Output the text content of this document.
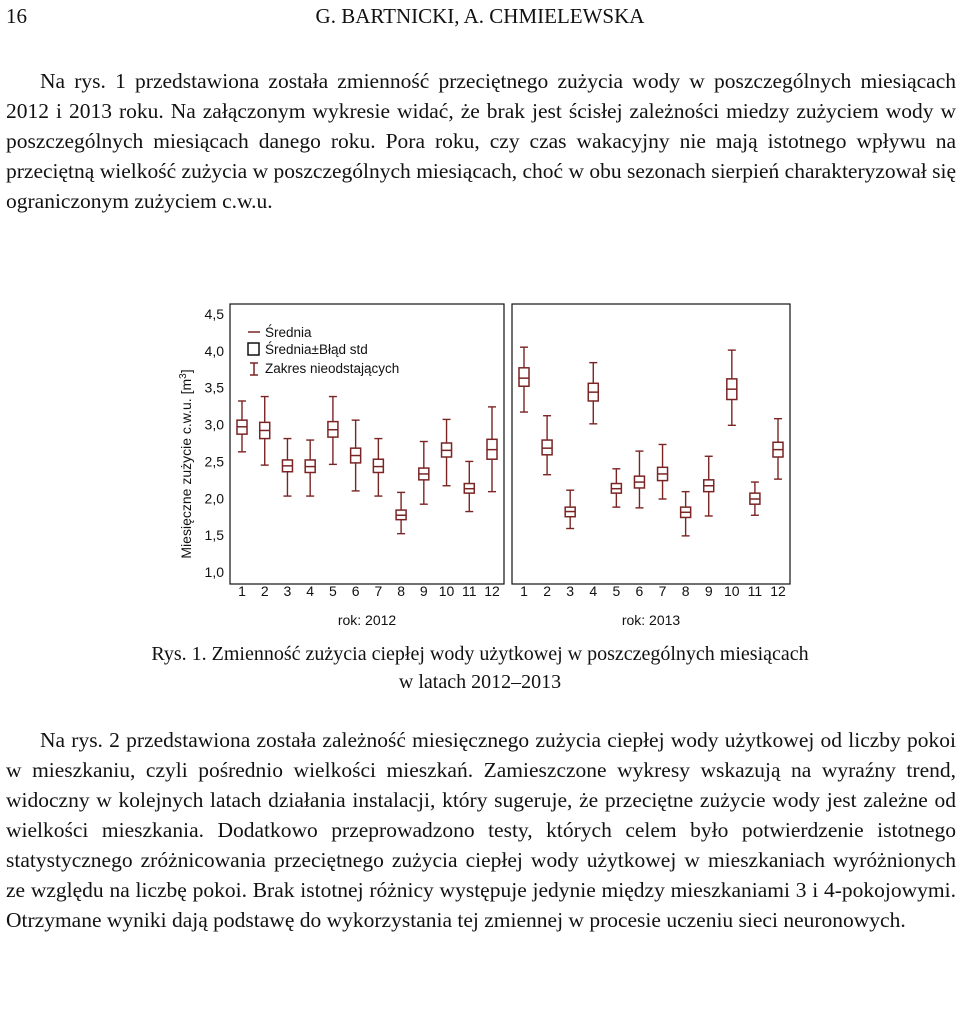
16	G. BARTNICKI, A. CHMIELEWSKA

Na rys. 1 przedstawiona została zmienność przeciętnego zużycia wody w poszczególnych miesiącach 2012 i 2013 roku. Na załączonym wykresie widać, że brak jest ścisłej zależności miedzy zużyciem wody w poszczególnych miesiącach danego roku. Pora roku, czy czas wakacyjny nie mają istotnego wpływu na przeciętną wielkość zużycia w poszczególnych miesiącach, choć w obu sezonach sierpień charakteryzował się ograniczonym zużyciem c.w.u.

Miesięczne zużycie c.w.u. $[m^3]$
1,0
1,5
2,0
2,5
3,0
3,5
4,0
4,5
1 2 3 4 5 6 7 8 9 10 11 12
rok: 2012
1 2 3 4 5 6 7 8 9 10 11 12
rok: 2013
Średnia
Średnia±Błąd std
Zakres nieodstających
Rys. 1. Zmienność zużycia ciepłej wody użytkowej w poszczególnych miesiącach
w latach 2012–2013

Na rys. 2 przedstawiona została zależność miesięcznego zużycia ciepłej wody użytkowej od liczby pokoi w mieszkaniu, czyli pośrednio wielkości mieszkań. Zamieszczone wykresy wskazują na wyraźny trend, widoczny w kolejnych latach działania instalacji, który sugeruje, że przeciętne zużycie wody jest zależne od wielkości mieszkania. Dodatkowo przeprowadzono testy, których celem było potwierdzenie istotnego statystycznego zróżnicowania przeciętnego zużycia ciepłej wody użytkowej w mieszkaniach wyróżnionych ze względu na liczbę pokoi. Brak istotnej różnicy występuje jedynie między mieszkaniami 3 i 4-pokojowymi. Otrzymane wyniki dają podstawę do wykorzystania tej zmiennej w procesie uczeniu sieci neuronowych.
